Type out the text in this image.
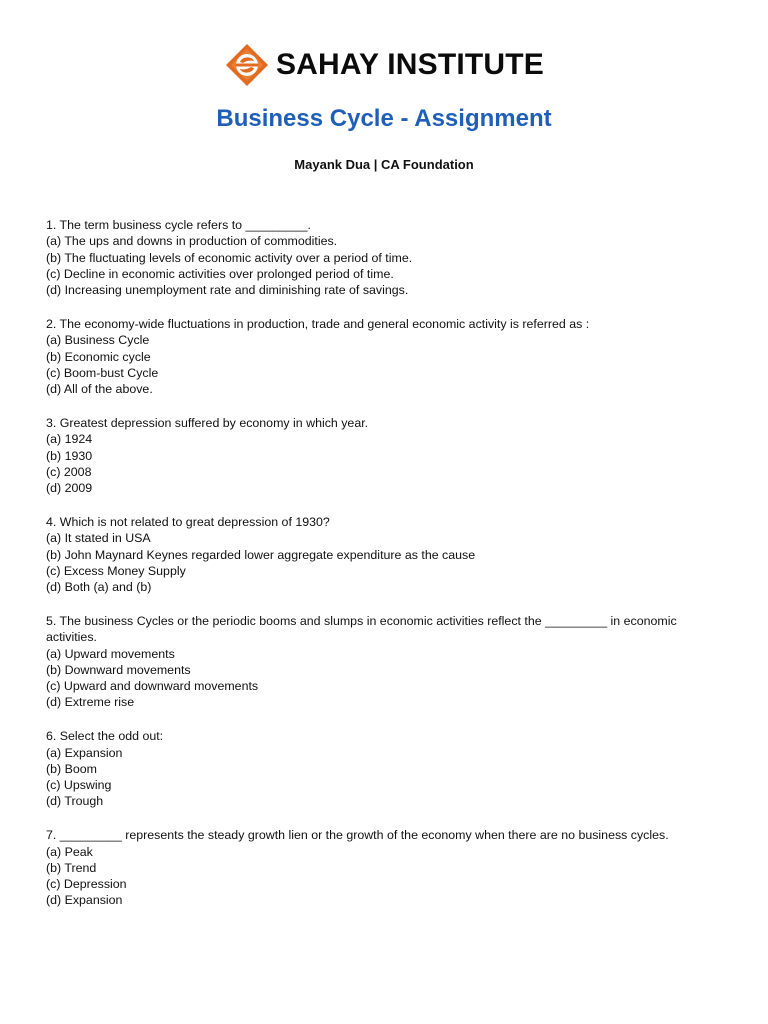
SAHAY INSTITUTE
Business Cycle - Assignment
Mayank Dua | CA Foundation
1. The term business cycle refers to _________.
(a) The ups and downs in production of commodities.
(b) The fluctuating levels of economic activity over a period of time.
(c) Decline in economic activities over prolonged period of time.
(d) Increasing unemployment rate and diminishing rate of savings.
2. The economy-wide fluctuations in production, trade and general economic activity is referred as :
(a) Business Cycle
(b) Economic cycle
(c) Boom-bust Cycle
(d) All of the above.
3. Greatest depression suffered by economy in which year.
(a) 1924
(b) 1930
(c) 2008
(d) 2009
4. Which is not related to great depression of 1930?
(a) It stated in USA
(b) John Maynard Keynes regarded lower aggregate expenditure as the cause
(c) Excess Money Supply
(d) Both (a) and (b)
5. The business Cycles or the periodic booms and slumps in economic activities reflect the _________ in economic activities.
(a) Upward movements
(b) Downward movements
(c) Upward and downward movements
(d) Extreme rise
6. Select the odd out:
(a) Expansion
(b) Boom
(c) Upswing
(d) Trough
7. _________ represents the steady growth lien or the growth of the economy when there are no business cycles.
(a) Peak
(b) Trend
(c) Depression
(d) Expansion
